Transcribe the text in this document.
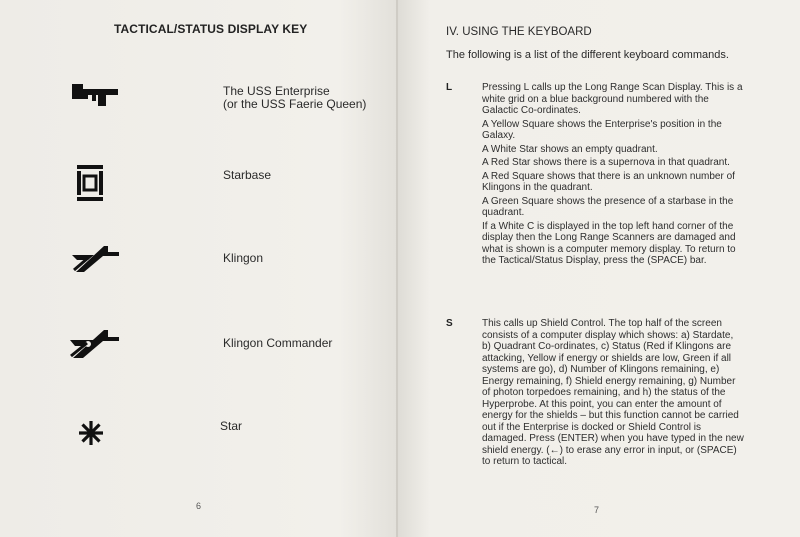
TACTICAL/STATUS DISPLAY KEY
The USS Enterprise
(or the USS Faerie Queen)
Starbase
Klingon
Klingon Commander
Star
6
IV. USING THE KEYBOARD
The following is a list of the different keyboard commands.
L	Pressing L calls up the Long Range Scan Display. This is a white grid on a blue background numbered with the Galactic Co-ordinates.

A Yellow Square shows the Enterprise's position in the Galaxy.

A White Star shows an empty quadrant.

A Red Star shows there is a supernova in that quadrant.

A Red Square shows that there is an unknown number of Klingons in the quadrant.

A Green Square shows the presence of a starbase in the quadrant.

If a White C is displayed in the top left hand corner of the display then the Long Range Scanners are damaged and what is shown is a computer memory display. To return to the Tactical/Status Display, press the (SPACE) bar.

S	This calls up Shield Control. The top half of the screen consists of a computer display which shows: a) Stardate, b) Quadrant Co-ordinates, c) Status (Red if Klingons are attacking, Yellow if energy or shields are low, Green if all systems are go), d) Number of Klingons remaining, e) Energy remaining, f) Shield energy remaining, g) Number of photon torpedoes remaining, and h) the status of the Hyperprobe. At this point, you can enter the amount of energy for the shields – but this function cannot be carried out if the Enterprise is docked or Shield Control is damaged. Press (ENTER) when you have typed in the new shield energy. (←) to erase any error in input, or (SPACE) to return to tactical.

7
